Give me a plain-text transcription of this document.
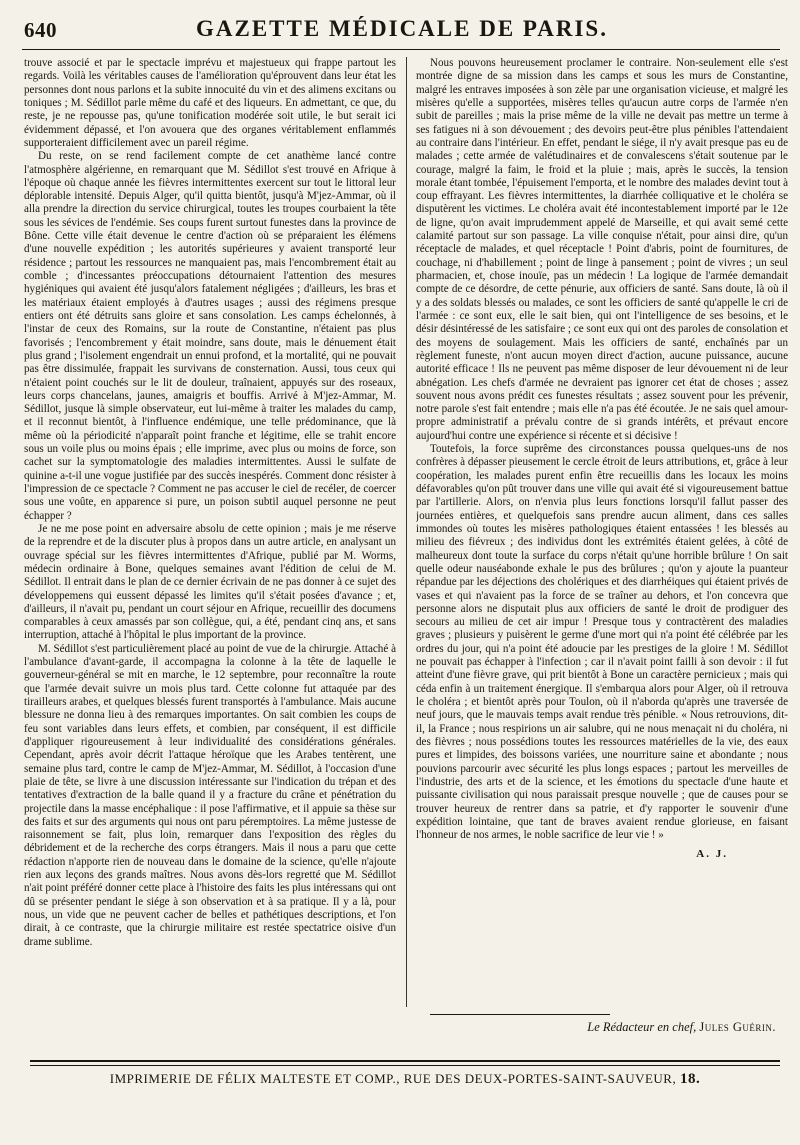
640	GAZETTE MÉDICALE DE PARIS.

trouve associé et par le spectacle imprévu et majestueux qui frappe partout les regards. Voilà les véritables causes de l'amélioration qu'éprouvent dans leur état les personnes dont nous parlons et la subite innocuité du vin et des alimens excitans ou toniques ; M. Sédillot parle même du café et des liqueurs. En admettant, ce que, du reste, je ne repousse pas, qu'une tonification modérée soit utile, le but serait ici évidemment dépassé, et l'on avouera que des organes véritablement enflammés supporteraient difficilement avec un pareil régime.

Du reste, on se rend facilement compte de cet anathème lancé contre l'atmosphère algérienne, en remarquant que M. Sédillot s'est trouvé en Afrique à l'époque où chaque année les fièvres intermittentes exercent sur tout le littoral leur déplorable intensité. Depuis Alger, qu'il quitta bientôt, jusqu'à M'jez-Ammar, où il alla prendre la direction du service chirurgical, toutes les troupes courbaient la tête sous les sévices de l'endémie. Ses coups furent surtout funestes dans la province de Bône. Cette ville était devenue le centre d'action où se préparaient les élémens d'une nouvelle expédition ; les autorités supérieures y avaient transporté leur résidence ; partout les ressources ne manquaient pas, mais l'encombrement était au comble ; d'incessantes préoccupations détournaient l'attention des mesures hygiéniques qui avaient été jusqu'alors fatalement négligées ; d'ailleurs, les bras et les matériaux étaient employés à d'autres usages ; aussi des régimens presque entiers ont été détruits sans gloire et sans consolation. Les camps échelonnés, à l'instar de ceux des Romains, sur la route de Constantine, n'étaient pas plus favorisés ; l'encombrement y était moindre, sans doute, mais le dénuement était plus grand ; l'isolement engendrait un ennui profond, et la mortalité, qui ne pouvait pas être dissimulée, frappait les survivans de consternation. Aussi, tous ceux qui n'étaient point couchés sur le lit de douleur, traînaient, appuyés sur des roseaux, leurs corps chancelans, jaunes, amaigris et bouffis. Arrivé à M'jez-Ammar, M. Sédillot, jusque là simple observateur, eut lui-même à traiter les malades du camp, et il reconnut bientôt, à l'influence endémique, une telle prédominance, que là même où la périodicité n'apparaît point franche et légitime, elle se trahit encore sous un voile plus ou moins épais ; elle imprime, avec plus ou moins de force, son cachet sur la symptomatologie des maladies intermittentes. Aussi le sulfate de quinine a-t-il une vogue justifiée par des succès inespérés. Comment donc résister à l'impression de ce spectacle ? Comment ne pas accuser le ciel de recéler, de coercer sous une voûte, en apparence si pure, un poison subtil auquel personne ne peut échapper ?

Je ne me pose point en adversaire absolu de cette opinion ; mais je me réserve de la reprendre et de la discuter plus à propos dans un autre article, en analysant un ouvrage spécial sur les fièvres intermittentes d'Afrique, publié par M. Worms, médecin ordinaire à Bone, quelques semaines avant l'édition de celui de M. Sédillot. Il entrait dans le plan de ce dernier écrivain de ne pas donner à ce sujet des développemens qui eussent dépassé les limites qu'il s'était posées d'avance ; et, d'ailleurs, il n'avait pu, pendant un court séjour en Afrique, recueillir des documens comparables à ceux amassés par son collègue, qui, a été, pendant cinq ans, et sans interruption, attaché à l'hôpital le plus important de la province.

M. Sédillot s'est particulièrement placé au point de vue de la chirurgie. Attaché à l'ambulance d'avant-garde, il accompagna la colonne à la tête de laquelle le gouverneur-général se mit en marche, le 12 septembre, pour reconnaître la route que l'armée devait suivre un mois plus tard. Cette colonne fut attaquée par des tirailleurs arabes, et quelques blessés furent transportés à l'ambulance. Mais aucune blessure ne donna lieu à des remarques importantes. On sait combien les coups de feu sont variables dans leurs effets, et combien, par conséquent, il est difficile d'appliquer rigoureusement à leur individualité des considérations générales. Cependant, après avoir décrit l'attaque héroïque que les Arabes tentèrent, une semaine plus tard, contre le camp de M'jez-Ammar, M. Sédillot, à l'occasion d'une plaie de tête, se livre à une discussion intéressante sur l'indication du trépan et des tentatives d'extraction de la balle quand il y a fracture du crâne et pénétration du projectile dans la masse encéphalique : il pose l'affirmative, et il appuie sa thèse sur des faits et sur des arguments qui nous ont paru péremptoires. La même justesse de raisonnement se fait, plus loin, remarquer dans l'exposition des règles du débridement et de la recherche des corps étrangers. Mais il nous a paru que cette rédaction n'apporte rien de nouveau dans le domaine de la science, qu'elle n'ajoute rien aux leçons des grands maîtres. Nous avons dès-lors regretté que M. Sédillot n'ait point préféré donner cette place à l'histoire des faits les plus intéressans qui ont dû se présenter pendant le siége à son observation et à sa pratique. Il y a là, pour nous, un vide que ne peuvent cacher de belles et pathétiques descriptions, et l'on dirait, à ce contraste, que la chirurgie militaire est restée spectatrice oisive d'un drame sublime.

Nous pouvons heureusement proclamer le contraire. Non-seulement elle s'est montrée digne de sa mission dans les camps et sous les murs de Constantine, malgré les entraves imposées à son zèle par une organisation vicieuse, et malgré les misères qu'elle a supportées, misères telles qu'aucun autre corps de l'armée n'en subit de pareilles ; mais la prise même de la ville ne devait pas mettre un terme à ses fatigues ni à son dévouement ; des devoirs peut-être plus pénibles l'attendaient au contraire dans l'intérieur. En effet, pendant le siége, il n'y avait presque pas eu de malades ; cette armée de valétudinaires et de convalescens s'était soutenue par le courage, malgré la faim, le froid et la pluie ; mais, après le succès, la tension morale étant tombée, l'épuisement l'emporta, et le nombre des malades devint tout à coup effrayant. Les fièvres intermittentes, la diarrhée colliquative et le choléra se disputèrent les victimes. Le choléra avait été incontestablement importé par le 12e de ligne, qu'on avait imprudemment appelé de Marseille, et qui avait semé cette calamité partout sur son passage. La ville conquise n'était, pour ainsi dire, qu'un réceptacle de malades, et quel réceptacle ! Point d'abris, point de fournitures, de couchage, ni d'habillement ; point de linge à pansement ; point de vivres ; un seul pharmacien, et, chose inouïe, pas un médecin ! La logique de l'armée demandait compte de ce désordre, de cette pénurie, aux officiers de santé. Sans doute, là où il y a des soldats blessés ou malades, ce sont les officiers de santé qu'appelle le cri de l'armée : ce sont eux, elle le sait bien, qui ont l'intelligence de ses besoins, et le désir désintéressé de les satisfaire ; ce sont eux qui ont des paroles de consolation et des moyens de soulagement. Mais les officiers de santé, enchaînés par un règlement funeste, n'ont aucun moyen direct d'action, aucune puissance, aucune autorité efficace ! Ils ne peuvent pas même disposer de leur dévouement ni de leur abnégation. Les chefs d'armée ne devraient pas ignorer cet état de choses ; assez souvent nous avons prédit ces funestes résultats ; assez souvent pour les prévenir, notre parole s'est fait entendre ; mais elle n'a pas été écoutée. Je ne sais quel amour-propre administratif a prévalu contre de si grands intérêts, et prévaut encore aujourd'hui contre une expérience si récente et si décisive !

Toutefois, la force suprême des circonstances poussa quelques-uns de nos confrères à dépasser pieusement le cercle étroit de leurs attributions, et, grâce à leur coopération, les malades purent enfin être recueillis dans les locaux les moins défavorables qu'on pût trouver dans une ville qui avait été si vigoureusement battue par l'artillerie. Alors, on n'envia plus leurs fonctions lorsqu'il fallut passer des journées entières, et quelquefois sans prendre aucun aliment, dans ces salles immondes où toutes les misères pathologiques étaient entassées ! les blessés au milieu des fiévreux ; des individus dont les extrémités étaient gelées, à côté de malheureux dont toute la surface du corps n'était qu'une horrible brûlure ! On sait quelle odeur nauséabonde exhale le pus des brûlures ; qu'on y ajoute la puanteur répandue par les déjections des cholériques et des diarrhéiques qui étaient privés de vases et qui n'avaient pas la force de se traîner au dehors, et l'on concevra que personne alors ne disputait plus aux officiers de santé le droit de prodiguer des secours au milieu de cet air impur ! Presque tous y contractèrent des maladies graves ; plusieurs y puisèrent le germe d'une mort qui n'a point été célébrée par les ordres du jour, qui n'a point été adoucie par les prestiges de la gloire ! M. Sédillot ne pouvait pas échapper à l'infection ; car il n'avait point failli à son devoir : il fut atteint d'une fièvre grave, qui prit bientôt à Bone un caractère pernicieux ; mais qui céda enfin à un traitement énergique. Il s'embarqua alors pour Alger, où il retrouva le choléra ; et bientôt après pour Toulon, où il n'aborda qu'après une traversée de neuf jours, que le mauvais temps avait rendue très pénible. « Nous retrouvions, dit-il, la France ; nous respirions un air salubre, qui ne nous menaçait ni du choléra, ni des fièvres ; nous possédions toutes les ressources matérielles de la vie, des eaux pures et limpides, des boissons variées, une nourriture saine et abondante ; nous pouvions parcourir avec sécurité les plus longs espaces ; partout les merveilles de l'industrie, des arts et de la science, et les émotions du spectacle d'une haute et puissante civilisation qui nous paraissait presque nouvelle ; que de causes pour se trouver heureux de rentrer dans sa patrie, et d'y rapporter le souvenir d'une expédition lointaine, que tant de braves avaient rendue glorieuse, en faisant l'honneur de nos armes, le noble sacrifice de leur vie ! »

A. J.
Le Rédacteur en chef, Jules Guérin.
IMPRIMERIE DE FÉLIX MALTESTE ET COMP., RUE DES DEUX-PORTES-SAINT-SAUVEUR, 18.
